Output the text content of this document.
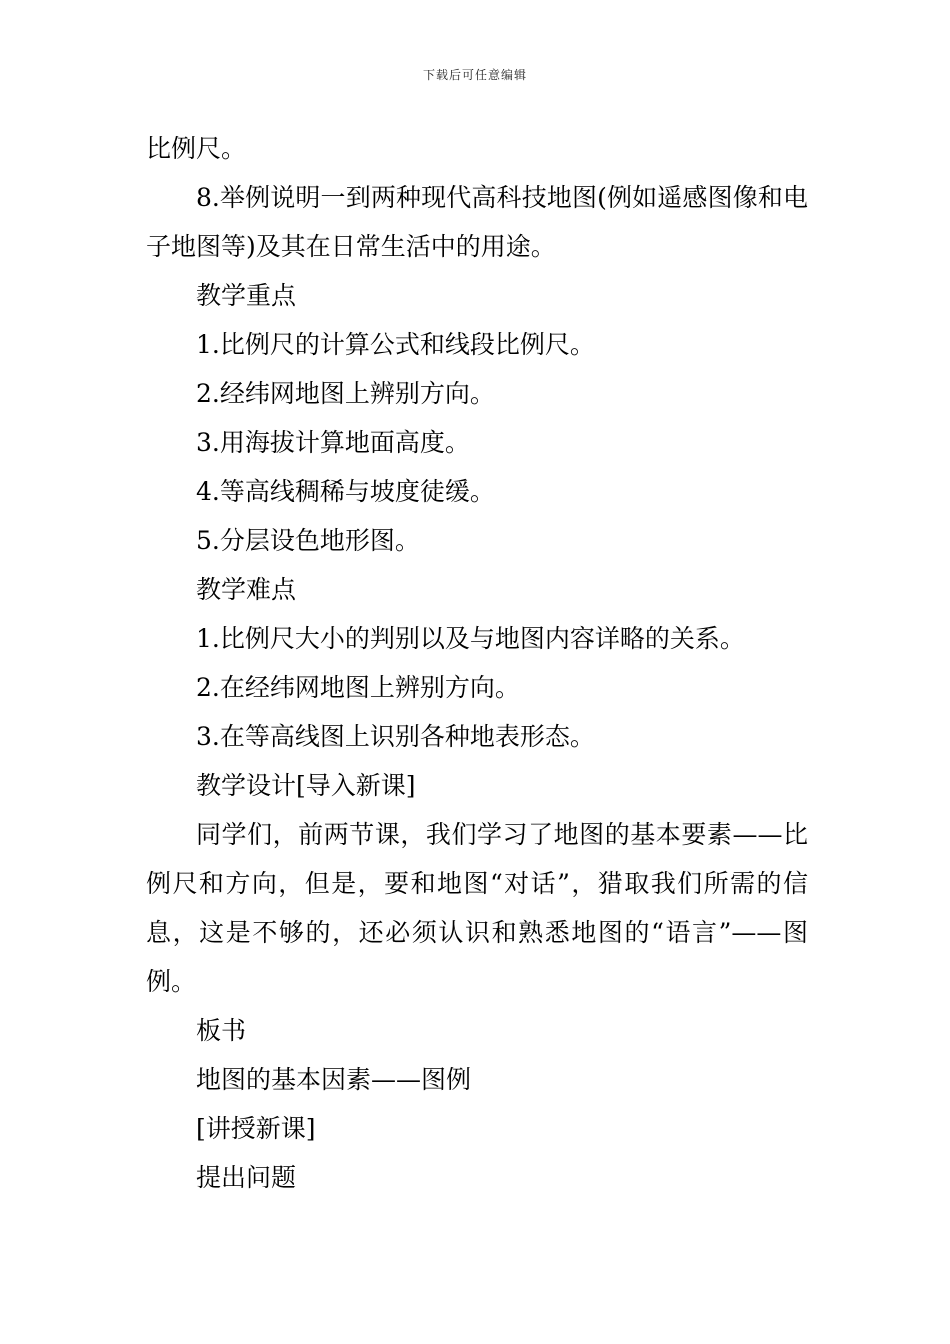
下载后可任意编辑

比例尺。

8.举例说明一到两种现代高科技地图(例如遥感图像和电子地图等)及其在日常生活中的用途。

教学重点

1.比例尺的计算公式和线段比例尺。

2.经纬网地图上辨别方向。

3.用海拔计算地面高度。

4.等高线稠稀与坡度徒缓。

5.分层设色地形图。

教学难点

1.比例尺大小的判别以及与地图内容详略的关系。

2.在经纬网地图上辨别方向。

3.在等高线图上识别各种地表形态。

教学设计[导入新课]

同学们，前两节课，我们学习了地图的基本要素——比例尺和方向，但是，要和地图“对话”，猎取我们所需的信息，这是不够的，还必须认识和熟悉地图的“语言”——图例。

板书

地图的基本因素——图例

[讲授新课]

提出问题
